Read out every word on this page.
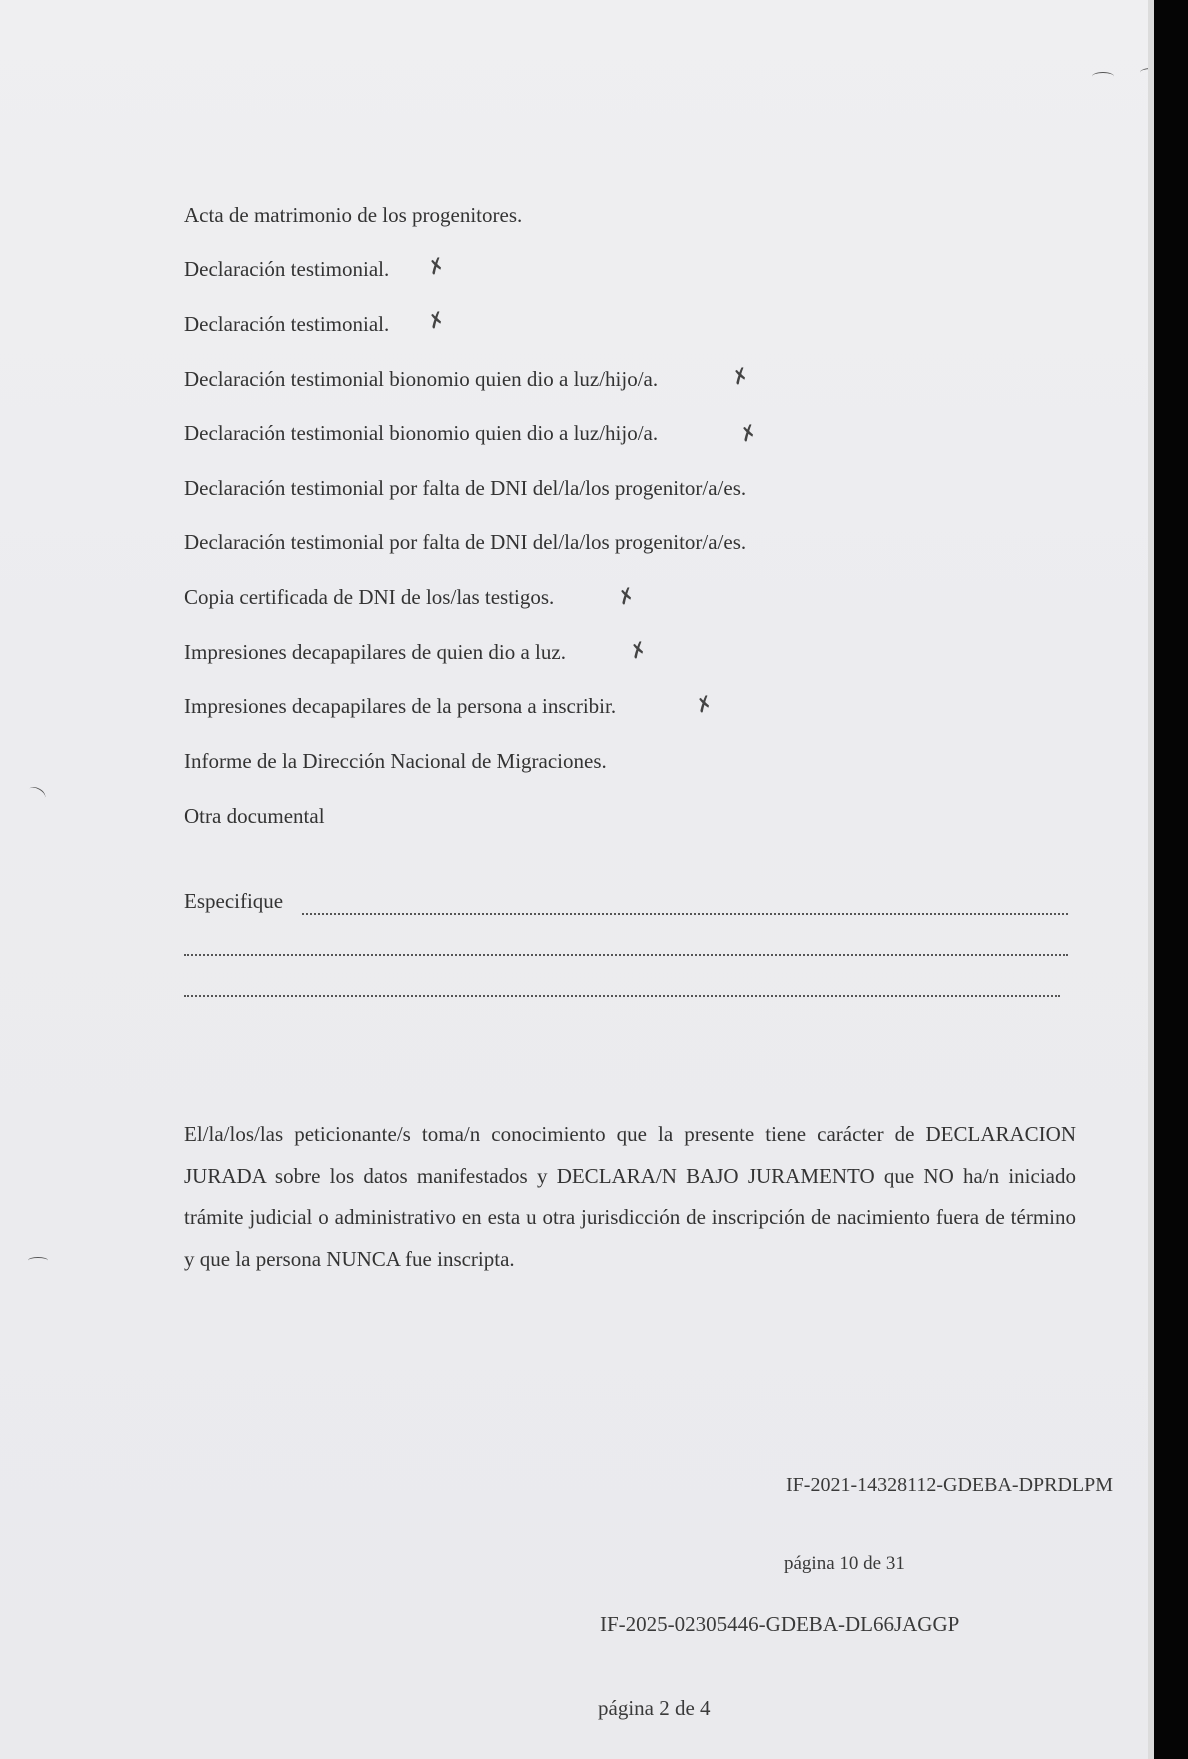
Acta de matrimonio de los progenitores.
Declaración testimonial.
Declaración testimonial.
Declaración testimonial bionomio quien dio a luz/hijo/a.
Declaración testimonial bionomio quien dio a luz/hijo/a.
Declaración testimonial por falta de DNI del/la/los progenitor/a/es.
Declaración testimonial por falta de DNI del/la/los progenitor/a/es.
Copia certificada de DNI de los/las testigos.
Impresiones decapapilares de quien dio a luz.
Impresiones decapapilares de la persona a inscribir.
Informe de la Dirección Nacional de Migraciones.
Otra documental
✗
✗
✗
✗
✗
✗
✗
Especifique
El/la/los/las peticionante/s toma/n conocimiento que la presente tiene carácter de DECLARACION JURADA sobre los datos manifestados y DECLARA/N BAJO JURAMENTO que NO ha/n iniciado trámite judicial o administrativo en esta u otra jurisdicción de inscripción de nacimiento fuera de término y que la persona NUNCA fue inscripta.
IF-2021-14328112-GDEBA-DPRDLPM
página 10 de 31
IF-2025-02305446-GDEBA-DL66JAGGP
página 2 de 4
